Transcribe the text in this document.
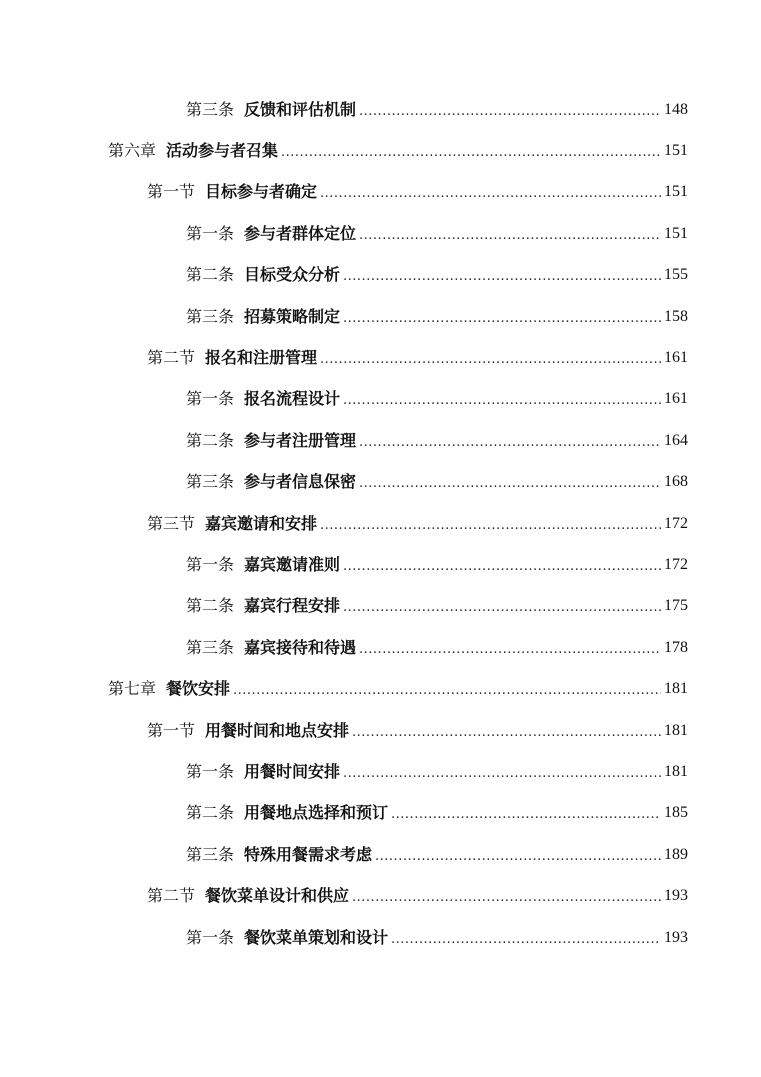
第三条 反馈和评估机制 .....	148
第六章 活动参与者召集 .....	151
第一节 目标参与者确定 .....	151
第一条 参与者群体定位 .....	151
第二条 目标受众分析 .....	155
第三条 招募策略制定 .....	158
第二节 报名和注册管理 .....	161
第一条 报名流程设计 .....	161
第二条 参与者注册管理 .....	164
第三条 参与者信息保密 .....	168
第三节 嘉宾邀请和安排 .....	172
第一条 嘉宾邀请准则 .....	172
第二条 嘉宾行程安排 .....	175
第三条 嘉宾接待和待遇 .....	178
第七章 餐饮安排 .....	181
第一节 用餐时间和地点安排 .....	181
第一条 用餐时间安排 .....	181
第二条 用餐地点选择和预订 .....	185
第三条 特殊用餐需求考虑 .....	189
第二节 餐饮菜单设计和供应 .....	193
第一条 餐饮菜单策划和设计 .....	193
